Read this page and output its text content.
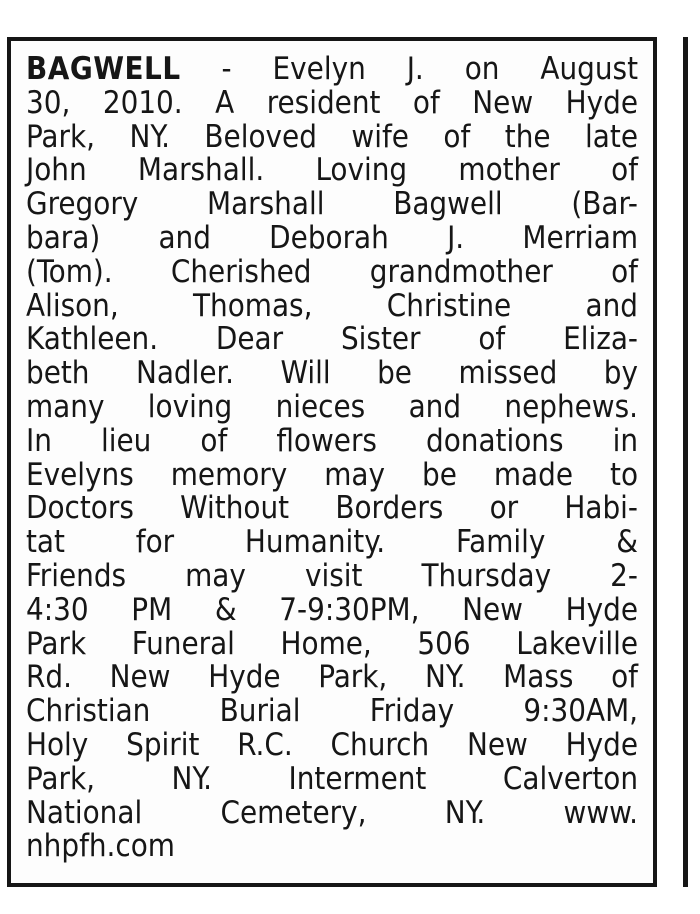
BAGWELL - Evelyn J. on August
30, 2010. A resident of New Hyde
Park, NY. Beloved wife of the late
John Marshall. Loving mother of
Gregory Marshall Bagwell (Bar-
bara) and Deborah J. Merriam
(Tom). Cherished grandmother of
Alison, Thomas, Christine and
Kathleen. Dear Sister of Eliza-
beth Nadler. Will be missed by
many loving nieces and nephews.
In lieu of flowers donations in
Evelyns memory may be made to
Doctors Without Borders or Habi-
tat for Humanity. Family &
Friends may visit Thursday 2-
4:30 PM & 7-9:30PM, New Hyde
Park Funeral Home, 506 Lakeville
Rd. New Hyde Park, NY. Mass of
Christian Burial Friday 9:30AM,
Holy Spirit R.C. Church New Hyde
Park, NY. Interment Calverton
National Cemetery, NY. www.
nhpfh.com
